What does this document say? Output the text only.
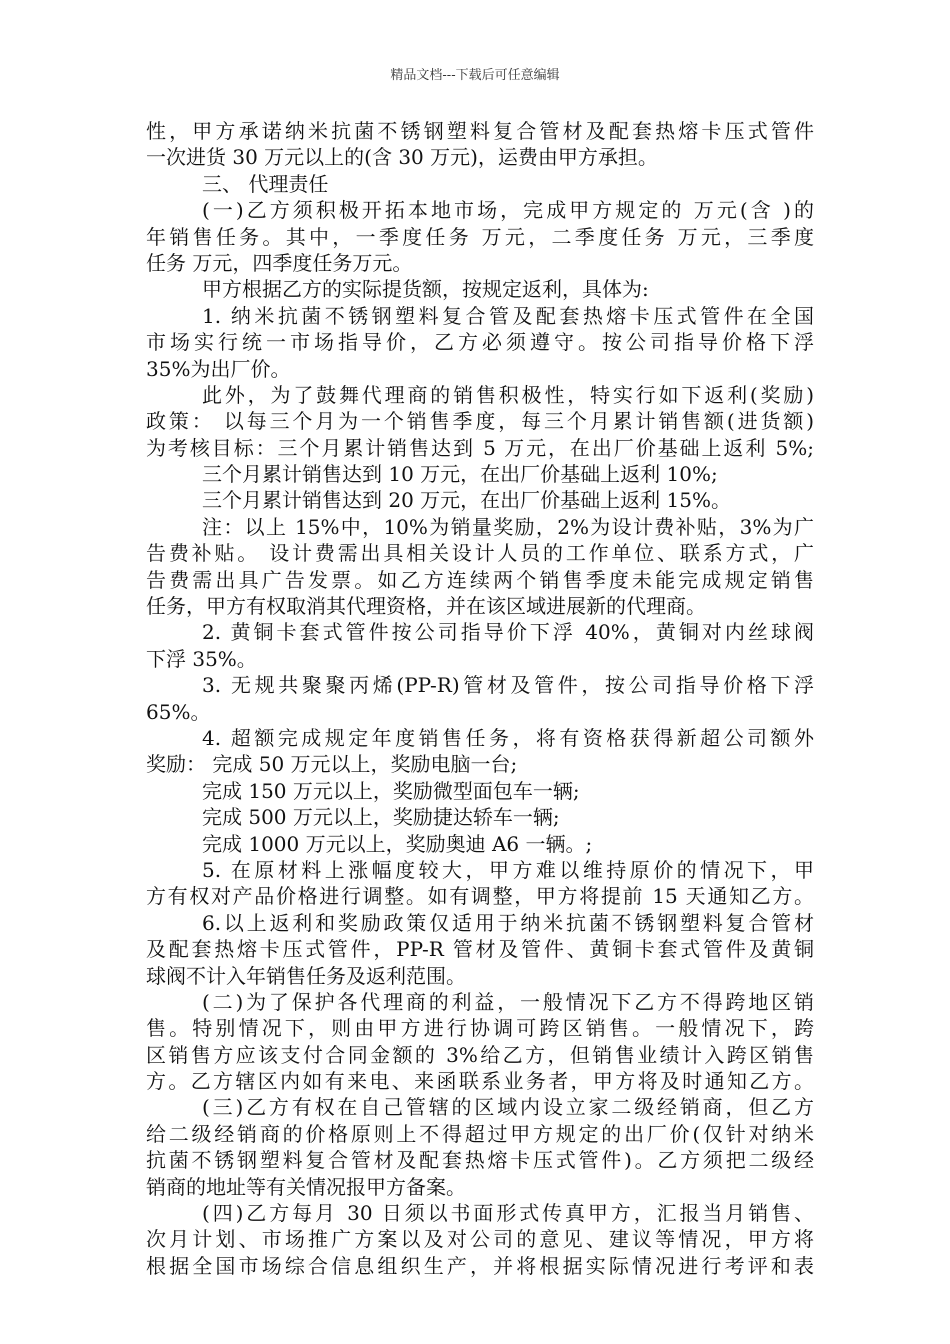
精品文档---下载后可任意编辑
性，甲方承诺纳米抗菌不锈钢塑料复合管材及配套热熔卡压式管件
一次进货 30 万元以上的(含 30 万元)，运费由甲方承担。
三、 代理责任
(一)乙方须积极开拓本地市场，完成甲方规定的 万元(含 )的
年销售任务。其中，一季度任务 万元，二季度任务 万元，三季度
任务 万元，四季度任务万元。
甲方根据乙方的实际提货额，按规定返利，具体为:
1. 纳米抗菌不锈钢塑料复合管及配套热熔卡压式管件在全国
市场实行统一市场指导价，乙方必须遵守。按公司指导价格下浮
35%为出厂价。
此外，为了鼓舞代理商的销售积极性，特实行如下返利(奖励)
政策： 以每三个月为一个销售季度，每三个月累计销售额(进货额)
为考核目标：三个月累计销售达到 5 万元，在出厂价基础上返利 5%;
三个月累计销售达到 10 万元，在出厂价基础上返利 10%;
三个月累计销售达到 20 万元，在出厂价基础上返利 15%。
注：以上 15%中，10%为销量奖励，2%为设计费补贴，3%为广
告费补贴。 设计费需出具相关设计人员的工作单位、联系方式，广
告费需出具广告发票。如乙方连续两个销售季度未能完成规定销售
任务，甲方有权取消其代理资格，并在该区域进展新的代理商。
2. 黄铜卡套式管件按公司指导价下浮 40%，黄铜对内丝球阀
下浮 35%。
3. 无规共聚聚丙烯(PP-R)管材及管件，按公司指导价格下浮
65%。
4. 超额完成规定年度销售任务，将有资格获得新超公司额外
奖励： 完成 50 万元以上，奖励电脑一台;
完成 150 万元以上，奖励微型面包车一辆;
完成 500 万元以上，奖励捷达轿车一辆;
完成 1000 万元以上，奖励奥迪 A6 一辆。;
5. 在原材料上涨幅度较大，甲方难以维持原价的情况下，甲
方有权对产品价格进行调整。如有调整，甲方将提前 15 天通知乙方。
6.以上返利和奖励政策仅适用于纳米抗菌不锈钢塑料复合管材
及配套热熔卡压式管件，PP-R 管材及管件、黄铜卡套式管件及黄铜
球阀不计入年销售任务及返利范围。
(二)为了保护各代理商的利益，一般情况下乙方不得跨地区销
售。特别情况下，则由甲方进行协调可跨区销售。一般情况下，跨
区销售方应该支付合同金额的 3%给乙方，但销售业绩计入跨区销售
方。乙方辖区内如有来电、来函联系业务者，甲方将及时通知乙方。
(三)乙方有权在自己管辖的区域内设立家二级经销商，但乙方
给二级经销商的价格原则上不得超过甲方规定的出厂价(仅针对纳米
抗菌不锈钢塑料复合管材及配套热熔卡压式管件)。乙方须把二级经
销商的地址等有关情况报甲方备案。
(四)乙方每月 30 日须以书面形式传真甲方，汇报当月销售、
次月计划、市场推广方案以及对公司的意见、建议等情况，甲方将
根据全国市场综合信息组织生产，并将根据实际情况进行考评和表
